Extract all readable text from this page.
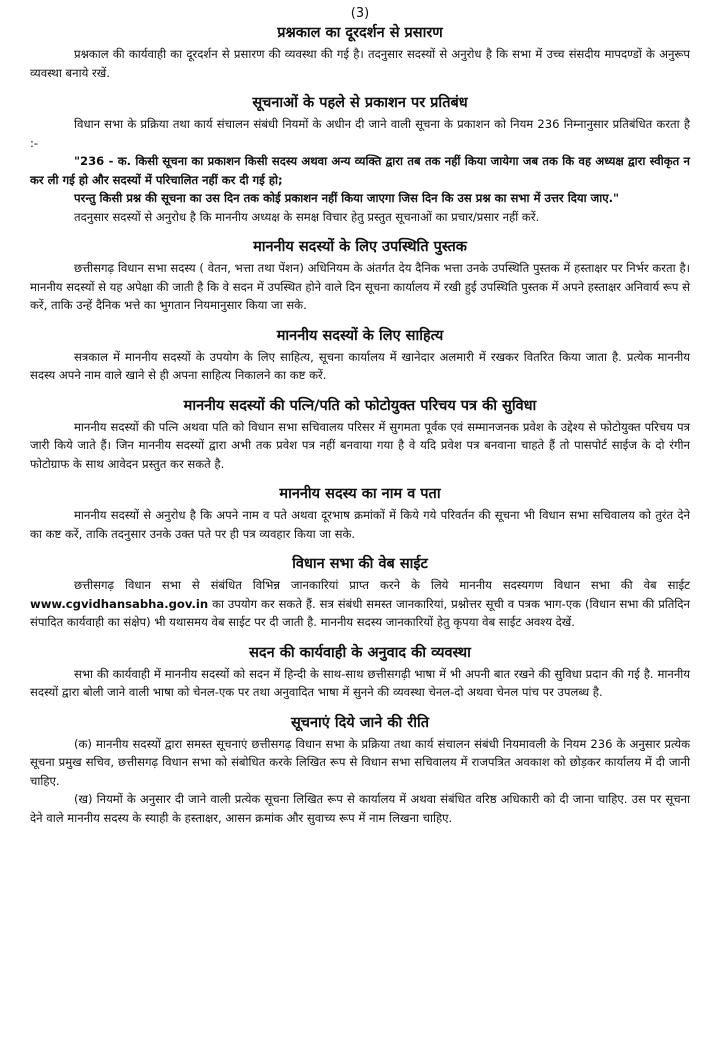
(3)
प्रश्नकाल का दूरदर्शन से प्रसारण

प्रश्नकाल की कार्यवाही का दूरदर्शन से प्रसारण की व्यवस्था की गई है। तदनुसार सदस्यों से अनुरोध है कि सभा में उच्च संसदीय मापदण्डों के अनुरूप व्यवस्था बनाये रखें.

सूचनाओं के पहले से प्रकाशन पर प्रतिबंध

विधान सभा के प्रक्रिया तथा कार्य संचालन संबंधी नियमों के अधीन दी जाने वाली सूचना के प्रकाशन को नियम 236 निम्नानुसार प्रतिबंधित करता है :-

"236 - क. किसी सूचना का प्रकाशन किसी सदस्य अथवा अन्य व्यक्ति द्वारा तब तक नहीं किया जायेगा जब तक कि वह अध्यक्ष द्वारा स्वीकृत न कर ली गई हो और सदस्यों में परिचालित नहीं कर दी गई हो;

परन्तु किसी प्रश्न की सूचना का उस दिन तक कोई प्रकाशन नहीं किया जाएगा जिस दिन कि उस प्रश्न का सभा में उत्तर दिया जाए."

तदनुसार सदस्यों से अनुरोध है कि माननीय अध्यक्ष के समक्ष विचार हेतु प्रस्तुत सूचनाओं का प्रचार/प्रसार नहीं करें.

माननीय सदस्यों के लिए उपस्थिति पुस्तक

छत्तीसगढ़ विधान सभा सदस्य ( वेतन, भत्ता तथा पेंशन) अधिनियम के अंतर्गत देय दैनिक भत्ता उनके उपस्थिति पुस्तक में हस्ताक्षर पर निर्भर करता है। माननीय सदस्यों से यह अपेक्षा की जाती है कि वे सदन में उपस्थित होने वाले दिन सूचना कार्यालय में रखी हुई उपस्थिति पुस्तक में अपने हस्ताक्षर अनिवार्य रूप से करें, ताकि उन्हें दैनिक भत्ते का भुगतान नियमानुसार किया जा सके.

माननीय सदस्यों के लिए साहित्य

सत्रकाल में माननीय सदस्यों के उपयोग के लिए साहित्य, सूचना कार्यालय में खानेदार अलमारी में रखकर वितरित किया जाता है. प्रत्येक माननीय सदस्य अपने नाम वाले खाने से ही अपना साहित्य निकालने का कष्ट करें.

माननीय सदस्यों की पत्नि/पति को फोटोयुक्त परिचय पत्र की सुविधा

माननीय सदस्यों की पत्नि अथवा पति को विधान सभा सचिवालय परिसर में सुगमता पूर्वक एवं सम्मानजनक प्रवेश के उद्देश्य से फोटोयुक्त परिचय पत्र जारी किये जाते हैं। जिन माननीय सदस्यों द्वारा अभी तक प्रवेश पत्र नहीं बनवाया गया है वे यदि प्रवेश पत्र बनवाना चाहते हैं तो पासपोर्ट साईज के दो रंगीन फोटोग्राफ के साथ आवेदन प्रस्तुत कर सकते है.

माननीय सदस्य का नाम व पता

माननीय सदस्यों से अनुरोध है कि अपने नाम व पते अथवा दूरभाष क्रमांकों में किये गये परिवर्तन की सूचना भी विधान सभा सचिवालय को तुरंत देने का कष्ट करें, ताकि तदनुसार उनके उक्त पते पर ही पत्र व्यवहार किया जा सके.

विधान सभा की वेब साईट

छत्तीसगढ़ विधान सभा से संबंधित विभिन्न जानकारियां प्राप्त करने के लिये माननीय सदस्यगण विधान सभा की वेब साईट www.cgvidhansabha.gov.in का उपयोग कर सकते हैं. सत्र संबंधी समस्त जानकारियां, प्रश्नोत्तर सूची व पत्रक भाग-एक (विधान सभा की प्रतिदिन संपादित कार्यवाही का संक्षेप) भी यथासमय वेब साईट पर दी जाती है. माननीय सदस्य जानकारियों हेतु कृपया वेब साईट अवश्य देखें.

सदन की कार्यवाही के अनुवाद की व्यवस्था

सभा की कार्यवाही में माननीय सदस्यों को सदन में हिन्दी के साथ-साथ छत्तीसगढ़ी भाषा में भी अपनी बात रखने की सुविधा प्रदान की गई है. माननीय सदस्यों द्वारा बोली जाने वाली भाषा को चेनल-एक पर तथा अनुवादित भाषा में सुनने की व्यवस्था चेनल-दो अथवा चेनल पांच पर उपलब्ध है.

सूचनाएं दिये जाने की रीति

(क) माननीय सदस्यों द्वारा समस्त सूचनाएं छत्तीसगढ़ विधान सभा के प्रक्रिया तथा कार्य संचालन संबंधी नियमावली के नियम 236 के अनुसार प्रत्येक सूचना प्रमुख सचिव, छत्तीसगढ़ विधान सभा को संबोधित करके लिखित रूप से विधान सभा सचिवालय में राजपत्रित अवकाश को छोड़कर कार्यालय में दी जानी चाहिए.

(ख) नियमों के अनुसार दी जाने वाली प्रत्येक सूचना लिखित रूप से कार्यालय में अथवा संबंधित वरिष्ठ अधिकारी को दी जाना चाहिए. उस पर सूचना देने वाले माननीय सदस्य के स्याही के हस्ताक्षर, आसन क्रमांक और सुवाच्य रूप में नाम लिखना चाहिए.
